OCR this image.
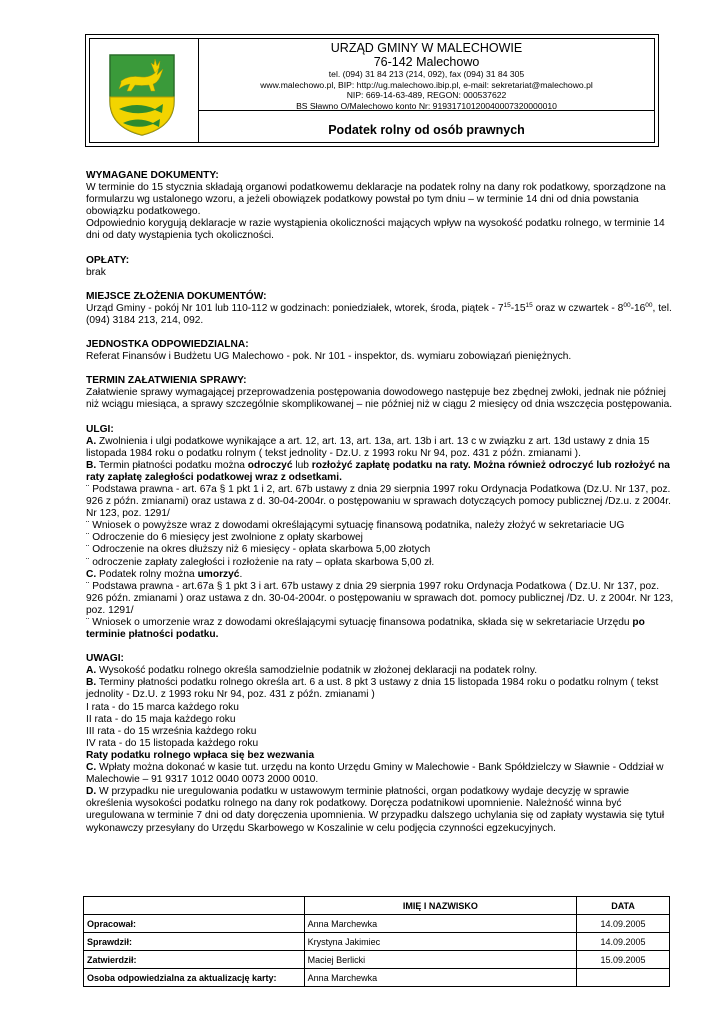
URZĄD GMINY W MALECHOWIE
76-142 Malechowo
tel. (094) 31 84 213 (214, 092), fax (094) 31 84 305
www.malechowo.pl, BIP: http://ug.malechowo.ibip.pl, e-mail: sekretariat@malechowo.pl
NIP: 669-14-63-489, REGON: 000537622
BS Sławno O/Malechowo konto Nr: 91931710120040007320000010
Podatek rolny od osób prawnych

WYMAGANE DOKUMENTY:

W terminie do 15 stycznia składają organowi podatkowemu deklaracje na podatek rolny na dany rok podatkowy, sporządzone na formularzu wg ustalonego wzoru, a jeżeli obowiązek podatkowy powstał po tym dniu – w terminie 14 dni od dnia powstania obowiązku podatkowego.

Odpowiednio korygują deklaracje w razie wystąpienia okoliczności mających wpływ na wysokość podatku rolnego, w terminie 14 dni od daty wystąpienia tych okoliczności.

OPŁATY:

brak

MIEJSCE ZŁOŻENIA DOKUMENTÓW:

Urząd Gminy - pokój Nr 101 lub 110-112 w godzinach: poniedziałek, wtorek, środa, piątek - $7^{15}-15^{15}$ oraz w czwartek - $8^{00}-16^{00}$, tel. (094) 3184 213, 214, 092.

JEDNOSTKA ODPOWIEDZIALNA:

Referat Finansów i Budżetu UG Malechowo - pok. Nr 101 - inspektor, ds. wymiaru zobowiązań pieniężnych.

TERMIN ZAŁATWIENIA SPRAWY:

Załatwienie sprawy wymagającej przeprowadzenia postępowania dowodowego następuje bez zbędnej zwłoki, jednak nie później niż wciągu miesiąca, a sprawy szczególnie skomplikowanej – nie później niż w ciągu 2 miesięcy od dnia wszczęcia postępowania.

ULGI:

A. Zwolnienia i ulgi podatkowe wynikające a art. 12, art. 13, art. 13a, art. 13b i art. 13 c w związku z art. 13d ustawy z dnia 15 listopada 1984 roku o podatku rolnym ( tekst jednolity - Dz.U. z 1993 roku Nr 94, poz. 431 z późn. zmianami ).

B. Termin płatności podatku można odroczyć lub rozłożyć zapłatę podatku na raty. Można również odroczyć lub rozłożyć na raty zapłatę zaległości podatkowej wraz z odsetkami.

¨ Podstawa prawna - art. 67a § 1 pkt 1 i 2, art. 67b ustawy z dnia 29 sierpnia 1997 roku Ordynacja Podatkowa (Dz.U. Nr 137, poz. 926 z późn. zmianami) oraz ustawa z d. 30-04-2004r. o postępowaniu w sprawach dotyczących pomocy publicznej /Dz.u. z 2004r. Nr 123, poz. 1291/

¨ Wniosek o powyższe wraz z dowodami określającymi sytuację finansową podatnika, należy złożyć w sekretariacie UG

¨ Odroczenie do 6 miesięcy jest zwolnione z opłaty skarbowej

¨ Odroczenie na okres dłuższy niż 6 miesięcy - opłata skarbowa 5,00 złotych

¨ odroczenie zapłaty zaległości i rozłożenie na raty – opłata skarbowa 5,00 zł.

C. Podatek rolny można umorzyć.

¨ Podstawa prawna - art.67a § 1 pkt 3 i art. 67b ustawy z dnia 29 sierpnia 1997 roku Ordynacja Podatkowa ( Dz.U. Nr 137, poz. 926 późn. zmianami ) oraz ustawa z dn. 30-04-2004r. o postępowaniu w sprawach dot. pomocy publicznej /Dz. U. z 2004r. Nr 123, poz. 1291/

¨ Wniosek o umorzenie wraz z dowodami określającymi sytuację finansowa podatnika, składa się w sekretariacie Urzędu po terminie płatności podatku.

UWAGI:

A. Wysokość podatku rolnego określa samodzielnie podatnik w złożonej deklaracji na podatek rolny.

B. Terminy płatności podatku rolnego określa art. 6 a ust. 8 pkt 3 ustawy z dnia 15 listopada 1984 roku o podatku rolnym ( tekst jednolity - Dz.U. z 1993 roku Nr 94, poz. 431 z późn. zmianami )

I rata - do 15 marca każdego roku

II rata - do 15 maja każdego roku

III rata - do 15 września każdego roku

IV rata - do 15 listopada każdego roku

Raty podatku rolnego wpłaca się bez wezwania

C. Wpłaty można dokonać w kasie tut. urzędu na konto Urzędu Gminy w Malechowie - Bank Spółdzielczy w Sławnie - Oddział w Malechowie – 91 9317 1012 0040 0073 2000 0010.

D. W przypadku nie uregulowania podatku w ustawowym terminie płatności, organ podatkowy wydaje decyzję w sprawie określenia wysokości podatku rolnego na dany rok podatkowy. Doręcza podatnikowi upomnienie. Należność winna być uregulowana w terminie 7 dni od daty doręczenia upomnienia. W przypadku dalszego uchylania się od zapłaty wystawia się tytuł wykonawczy przesyłany do Urzędu Skarbowego w Koszalinie w celu podjęcia czynności egzekucyjnych.

	IMIĘ I NAZWISKO	DATA
Opracował:	Anna Marchewka	14.09.2005
Sprawdził:	Krystyna Jakimiec	14.09.2005
Zatwierdził:	Maciej Berlicki	15.09.2005
Osoba odpowiedzialna za aktualizację karty:	Anna Marchewka	
